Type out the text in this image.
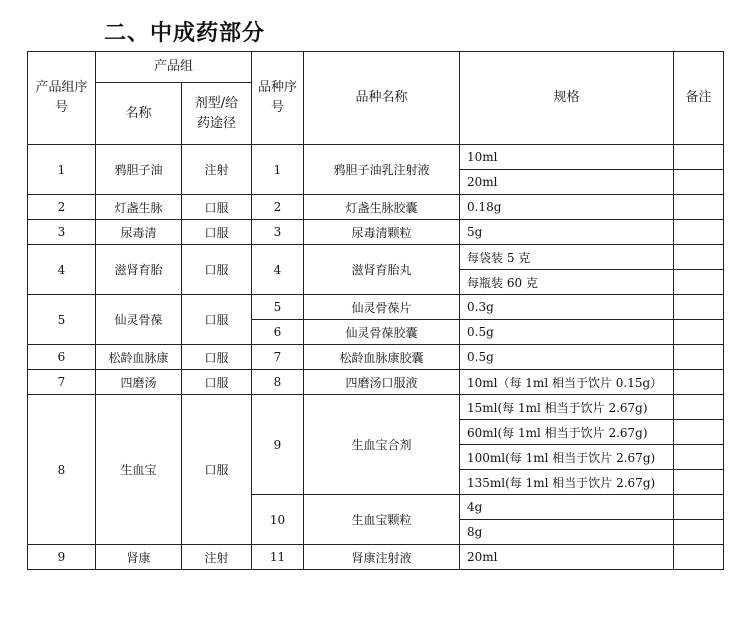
二、中成药部分
产品组序号	产品组		品种序号	品种名称	规格	备注
	名称	剂型/给药途径				
1	鸦胆子油	注射	1	鸦胆子油乳注射液	10ml	
					20ml	
2	灯盏生脉	口服	2	灯盏生脉胶囊	0.18g	
3	尿毒清	口服	3	尿毒清颗粒	5g	
4	滋肾育胎	口服	4	滋肾育胎丸	每袋装 5 克	
					每瓶装 60 克	
5	仙灵骨葆	口服	5	仙灵骨葆片	0.3g	
			6	仙灵骨葆胶囊	0.5g	
6	松龄血脉康	口服	7	松龄血脉康胶囊	0.5g	
7	四磨汤	口服	8	四磨汤口服液	10ml（每 1ml 相当于饮片 0.15g）	
8	生血宝	口服	9	生血宝合剂	15ml(每 1ml 相当于饮片 2.67g)	
					60ml(每 1ml 相当于饮片 2.67g)	
					100ml(每 1ml 相当于饮片 2.67g)	
					135ml(每 1ml 相当于饮片 2.67g)	
			10	生血宝颗粒	4g	
					8g	
9	肾康	注射	11	肾康注射液	20ml	
